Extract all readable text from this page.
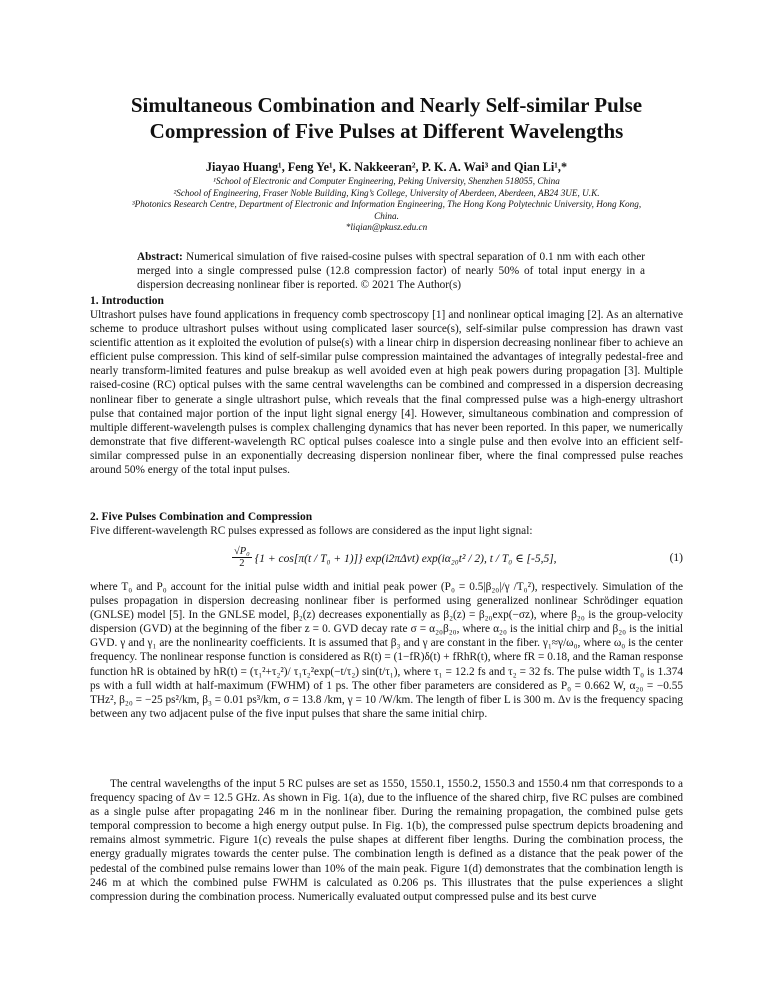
Simultaneous Combination and Nearly Self-similar Pulse
Compression of Five Pulses at Different Wavelengths
Jiayao Huang¹, Feng Ye¹, K. Nakkeeran², P. K. A. Wai³ and Qian Li¹,*
¹School of Electronic and Computer Engineering, Peking University, Shenzhen 518055, China
²School of Engineering, Fraser Noble Building, King’s College, University of Aberdeen, Aberdeen, AB24 3UE, U.K.
³Photonics Research Centre, Department of Electronic and Information Engineering, The Hong Kong Polytechnic University, Hong Kong,
China.
*liqian@pkusz.edu.cn
Abstract: Numerical simulation of five raised-cosine pulses with spectral separation of 0.1 nm with each other merged into a single compressed pulse (12.8 compression factor) of nearly 50% of total input energy in a dispersion decreasing nonlinear fiber is reported. © 2021 The Author(s)
1. Introduction
Ultrashort pulses have found applications in frequency comb spectroscopy [1] and nonlinear optical imaging [2]. As an alternative scheme to produce ultrashort pulses without using complicated laser source(s), self-similar pulse compression has drawn vast scientific attention as it exploited the evolution of pulse(s) with a linear chirp in dispersion decreasing nonlinear fiber to achieve an efficient pulse compression. This kind of self-similar pulse compression maintained the advantages of integrally pedestal-free and nearly transform-limited features and pulse breakup as well avoided even at high peak powers during propagation [3]. Multiple raised-cosine (RC) optical pulses with the same central wavelengths can be combined and compressed in a dispersion decreasing nonlinear fiber to generate a single ultrashort pulse, which reveals that the final compressed pulse was a high-energy ultrashort pulse that contained major portion of the input light signal energy [4]. However, simultaneous combination and compression of multiple different-wavelength pulses is complex challenging dynamics that has never been reported. In this paper, we numerically demonstrate that five different-wavelength RC optical pulses coalesce into a single pulse and then evolve into an efficient self-similar compressed pulse in an exponentially decreasing dispersion nonlinear fiber, where the final compressed pulse reaches around 50% energy of the total input pulses.
2. Five Pulses Combination and Compression
Five different-wavelength RC pulses expressed as follows are considered as the input light signal:
$\frac{\text{√P₀}}{2} \{1 + \cos[\pi(t / T_0 + 1)]\}$ exp(i2πΔνt) exp(iα₂₀t² / 2), t / T₀ ∈ [-5,5],	(1)
where T₀ and P₀ account for the initial pulse width and initial peak power (P₀ = 0.5|β₂₀|/γ /T₀²), respectively. Simulation of the pulses propagation in dispersion decreasing nonlinear fiber is performed using generalized nonlinear Schrödinger equation (GNLSE) model [5]. In the GNLSE model, β₂(z) decreases exponentially as β₂(z) = β₂₀exp(−σz), where β₂₀ is the group-velocity dispersion (GVD) at the beginning of the fiber z = 0. GVD decay rate σ = α₂₀β₂₀, where α₂₀ is the initial chirp and β₂₀ is the initial GVD. γ and γ₁ are the nonlinearity coefficients. It is assumed that β₃ and γ are constant in the fiber. γ₁≈γ/ω₀, where ω₀ is the center frequency. The nonlinear response function is considered as R(t) = (1−fR)δ(t) + fRhR(t), where fR = 0.18, and the Raman response function hR is obtained by hR(t) = (τ₁²+τ₂²)/ τ₁τ₂²exp(−t/τ₂) sin(t/τ₁), where τ₁ = 12.2 fs and τ₂ = 32 fs. The pulse width T₀ is 1.374 ps with a full width at half-maximum (FWHM) of 1 ps. The other fiber parameters are considered as P₀ = 0.662 W, α₂₀ = −0.55 THz², β₂₀ = −25 ps²/km, β₃ = 0.01 ps³/km, σ = 13.8 /km, γ = 10 /W/km. The length of fiber L is 300 m. Δν is the frequency spacing between any two adjacent pulse of the five input pulses that share the same initial chirp.
The central wavelengths of the input 5 RC pulses are set as 1550, 1550.1, 1550.2, 1550.3 and 1550.4 nm that corresponds to a frequency spacing of Δν = 12.5 GHz. As shown in Fig. 1(a), due to the influence of the shared chirp, five RC pulses are combined as a single pulse after propagating 246 m in the nonlinear fiber. During the remaining propagation, the combined pulse gets temporal compression to become a high energy output pulse. In Fig. 1(b), the compressed pulse spectrum depicts broadening and remains almost symmetric. Figure 1(c) reveals the pulse shapes at different fiber lengths. During the combination process, the energy gradually migrates towards the center pulse. The combination length is defined as a distance that the peak power of the pedestal of the combined pulse remains lower than 10% of the main peak. Figure 1(d) demonstrates that the combination length is 246 m at which the combined pulse FWHM is calculated as 0.206 ps. This illustrates that the pulse experiences a slight compression during the combination process. Numerically evaluated output compressed pulse and its best curve
